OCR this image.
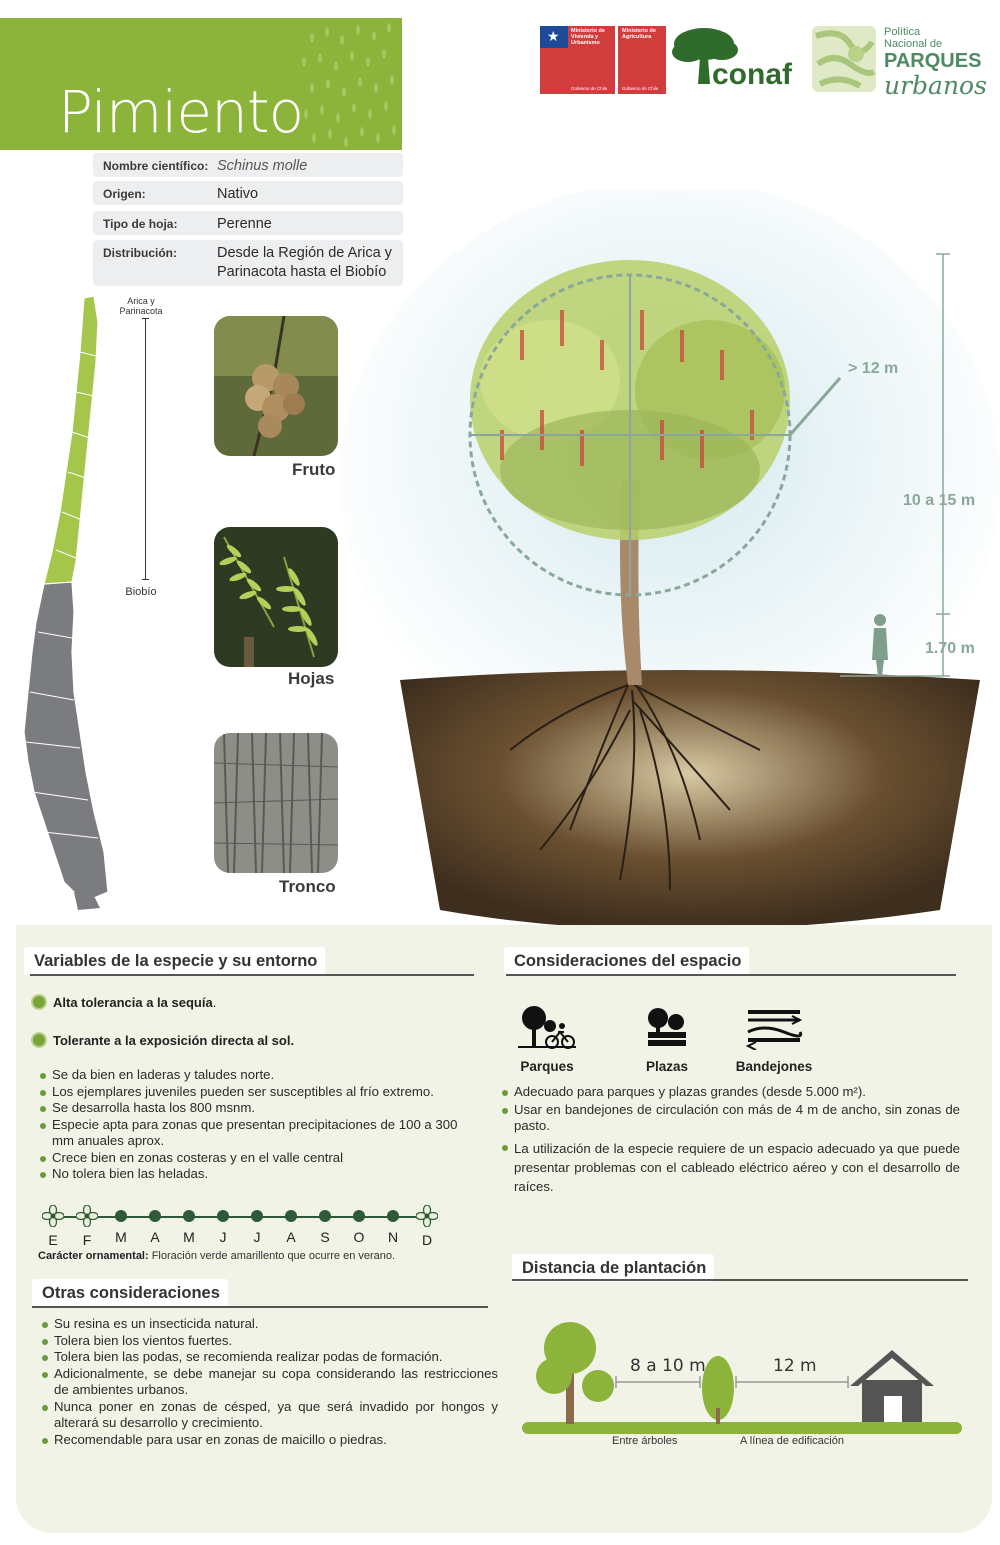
Pimiento
★ Ministerio de Vivienda y Urbanismo
Gobierno de Chile
Ministerio de Agricultura
Gobierno de Chile conaf
Política
Nacional de
PARQUES
urbanos
Nombre científico: Schinus molle
Origen:	Nativo
Tipo de hoja:	Perenne
Distribución:	Desde la Región de Arica y Parinacota hasta el Biobío
Arica y Parinacota
Biobío
Fruto
Hojas
Tronco
> 12 m
10 a 15 m
1.70 m
Variables de la especie y su entorno
Alta tolerancia a la sequía.
Tolerante a la exposición directa al sol.
Se da bien en laderas y taludes norte.
Los ejemplares juveniles pueden ser susceptibles al frío extremo.
Se desarrolla hasta los 800 msnm.
Especie apta para zonas que presentan precipitaciones de 100 a 300 mm anuales aprox.
Crece bien en zonas costeras y en el valle central
No tolera bien las heladas.
E	F	M	A	M	J	J	A	S	O	N	D
Carácter ornamental: Floración verde amarillento que ocurre en verano.
Otras consideraciones
Su resina es un insecticida natural.
Tolera bien los vientos fuertes.
Tolera bien las podas, se recomienda realizar podas de formación.
Adicionalmente, se debe manejar su copa considerando las restricciones de ambientes urbanos.
Nunca poner en zonas de césped, ya que será invadido por hongos y alterará su desarrollo y crecimiento.
Recomendable para usar en zonas de maicillo o piedras.
Consideraciones del espacio
Parques	Plazas	Bandejones
Adecuado para parques y plazas grandes (desde 5.000 m²).
Usar en bandejones de circulación con más de 4 m de ancho, sin zonas de pasto.
La utilización de la especie requiere de un espacio adecuado ya que puede presentar problemas con el cableado eléctrico aéreo y con el desarrollo de raíces.
Distancia de plantación
8 a 10 m	12 m
Entre árboles	A línea de edificación
